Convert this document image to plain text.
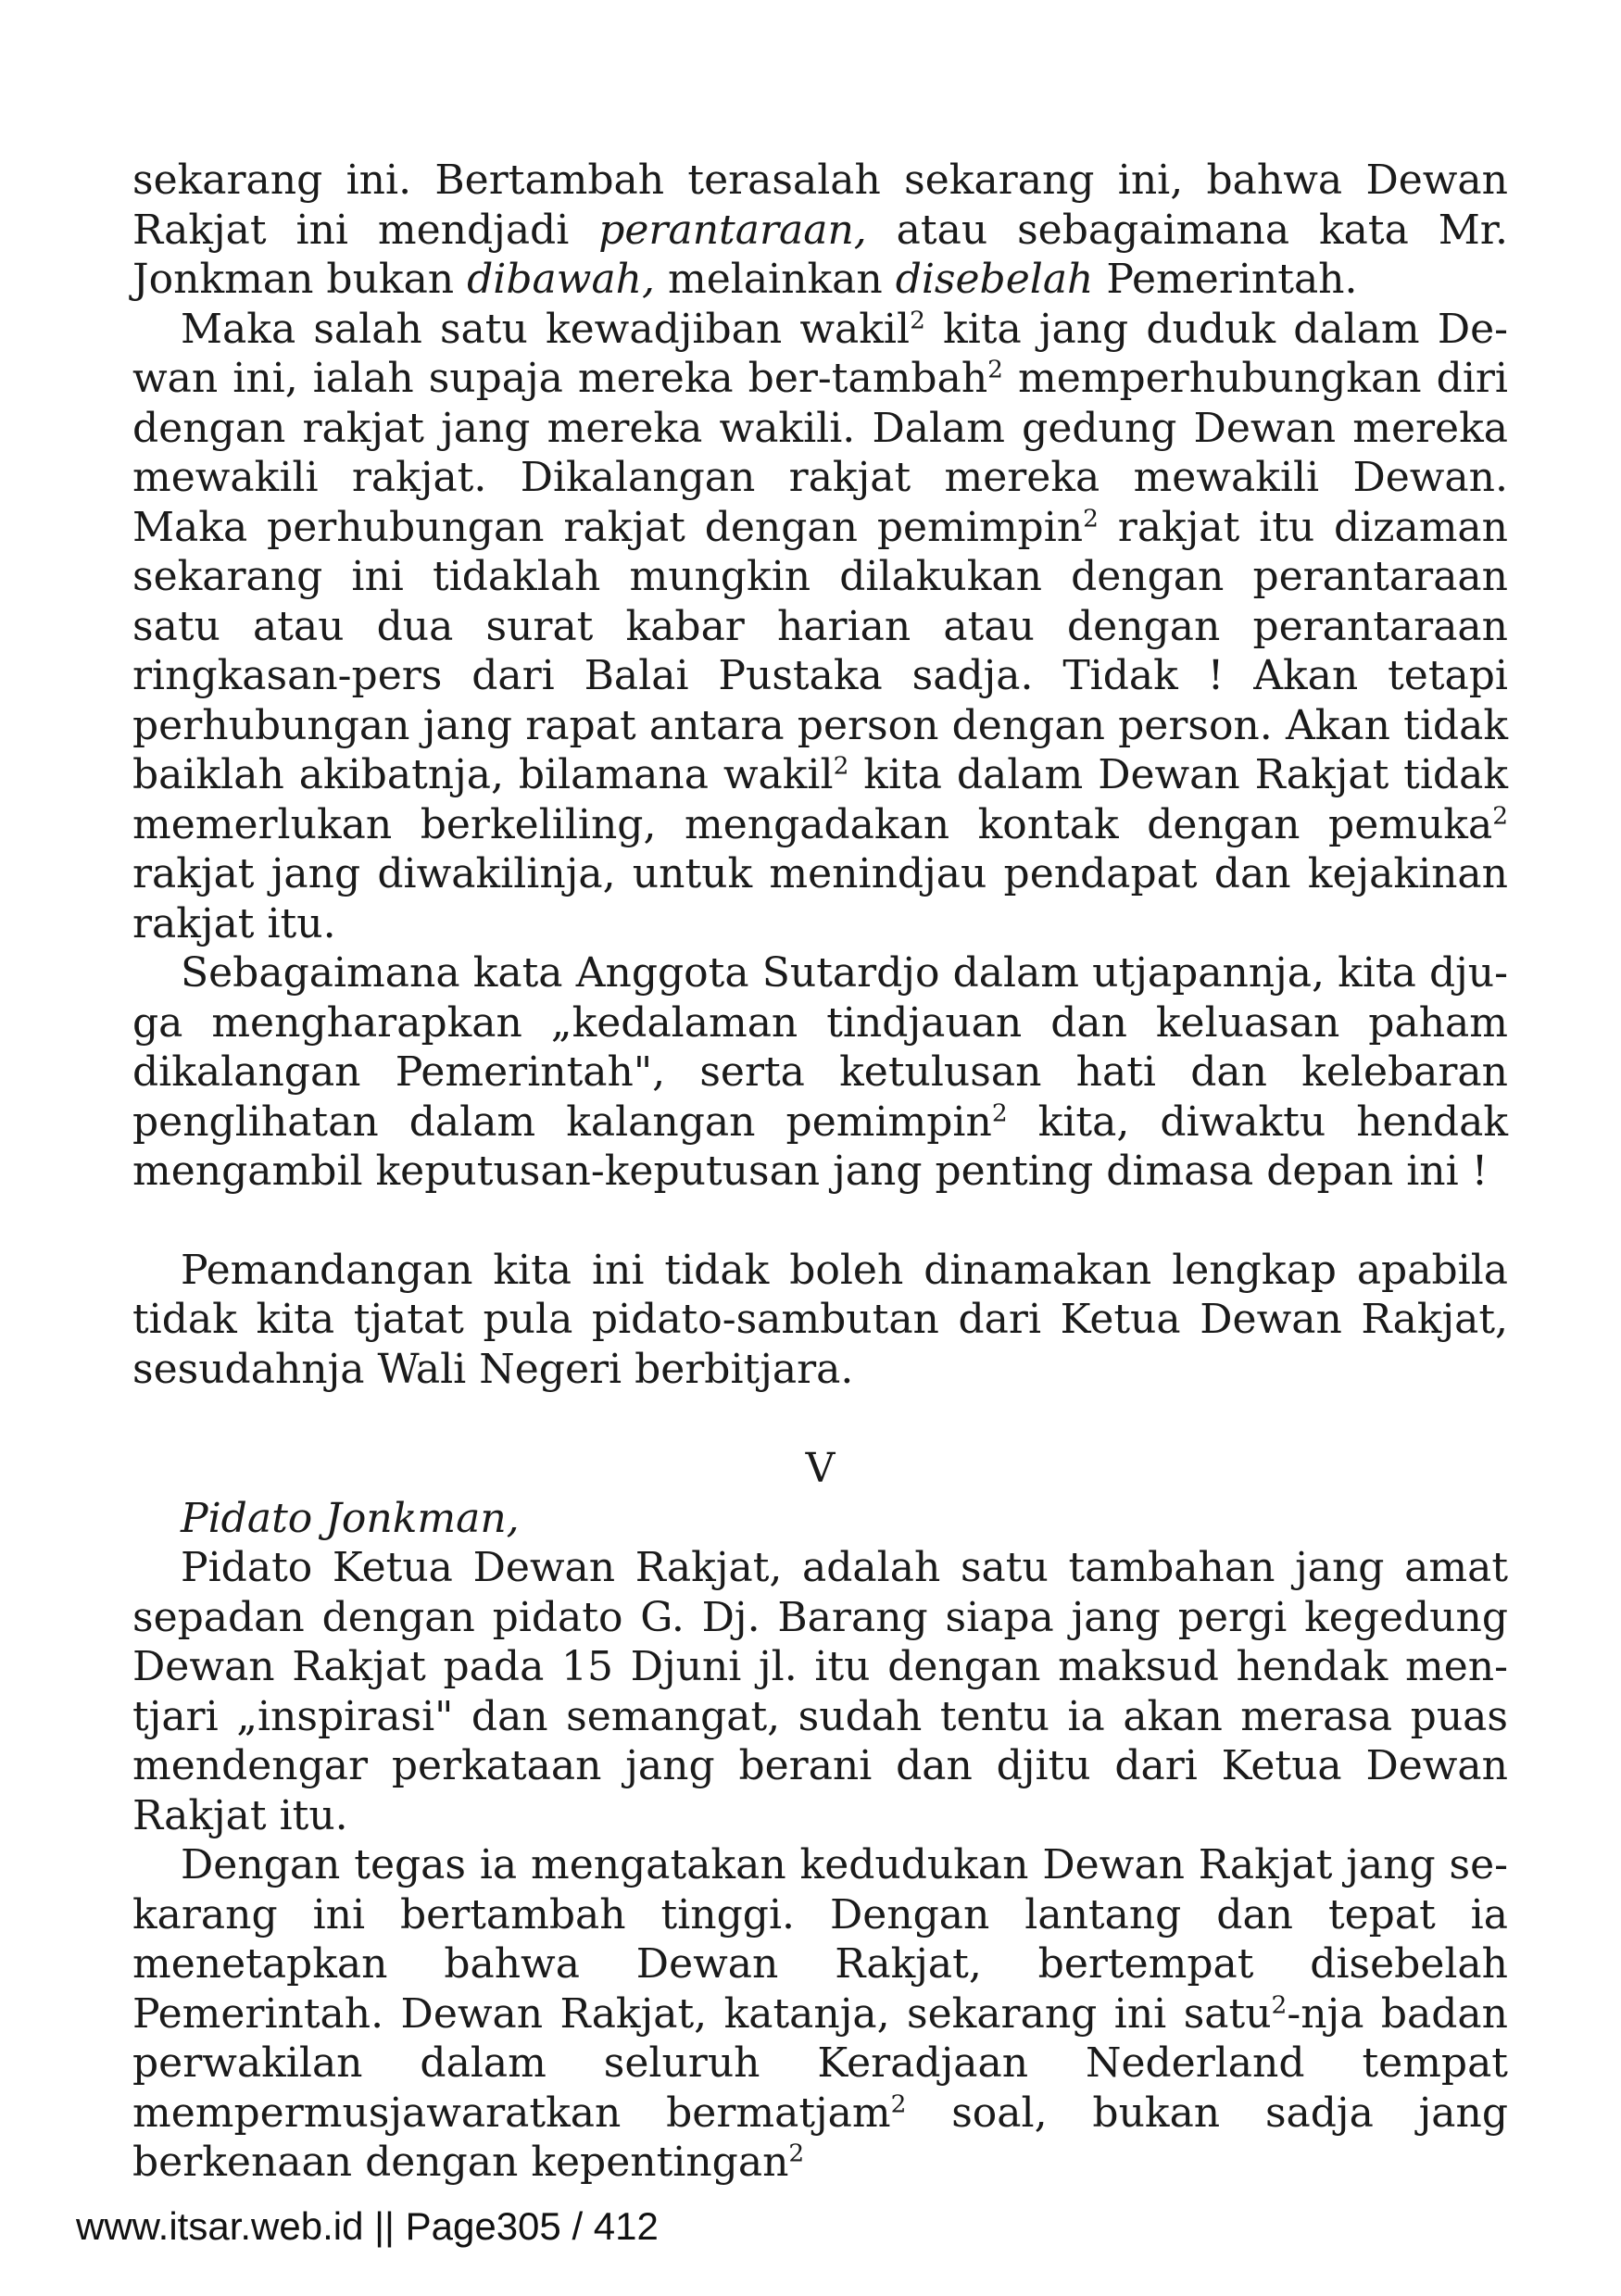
sekarang ini. Bertambah terasalah sekarang ini, bahwa Dewan Rakjat ini mendjadi perantaraan, atau sebagaimana kata Mr. Jonkman bukan dibawah, melainkan disebelah Pemerintah.

Maka salah satu kewadjiban wakil$^2$ kita jang duduk dalam Dewan ini, ialah supaja mereka ber-tambah$^2$ memperhubungkan diri dengan rakjat jang mereka wakili. Dalam gedung Dewan mereka mewakili rakjat. Dikalangan rakjat mereka mewakili Dewan. Maka perhubungan rakjat dengan pemimpin$^2$ rakjat itu dizaman sekarang ini tidaklah mungkin dilakukan dengan perantaraan satu atau dua surat kabar harian atau dengan perantaraan ringkasan-pers dari Balai Pustaka sadja. Tidak ! Akan tetapi perhubungan jang rapat antara person dengan person. Akan tidak baiklah akibatnja, bilamana wakil$^2$ kita dalam Dewan Rakjat tidak memerlukan berkeliling, mengadakan kontak dengan pemuka$^2$ rakjat jang diwakilinja, untuk menindjau pendapat dan kejakinan rakjat itu.

Sebagaimana kata Anggota Sutardjo dalam utjapannja, kita djuga mengharapkan „kedalaman tindjauan dan keluasan paham dikalangan Pemerintah", serta ketulusan hati dan kelebaran penglihatan dalam kalangan pemimpin$^2$ kita, diwaktu hendak mengambil keputusan-keputusan jang penting dimasa depan ini !

Pemandangan kita ini tidak boleh dinamakan lengkap apabila tidak kita tjatat pula pidato-sambutan dari Ketua Dewan Rakjat, sesudahnja Wali Negeri berbitjara.

V

Pidato Jonkman,

Pidato Ketua Dewan Rakjat, adalah satu tambahan jang amat sepadan dengan pidato G. Dj. Barang siapa jang pergi kegedung Dewan Rakjat pada 15 Djuni jl. itu dengan maksud hendak mentjari „inspirasi" dan semangat, sudah tentu ia akan merasa puas mendengar perkataan jang berani dan djitu dari Ketua Dewan Rakjat itu.

Dengan tegas ia mengatakan kedudukan Dewan Rakjat jang sekarang ini bertambah tinggi. Dengan lantang dan tepat ia menetapkan bahwa Dewan Rakjat, bertempat disebelah Pemerintah. Dewan Rakjat, katanja, sekarang ini satu$^2$-nja badan perwakilan dalam seluruh Keradjaan Nederland tempat mempermusjawaratkan bermatjam$^2$ soal, bukan sadja jang berkenaan dengan kepentingan$^2$

www.itsar.web.id || Page305 / 412
